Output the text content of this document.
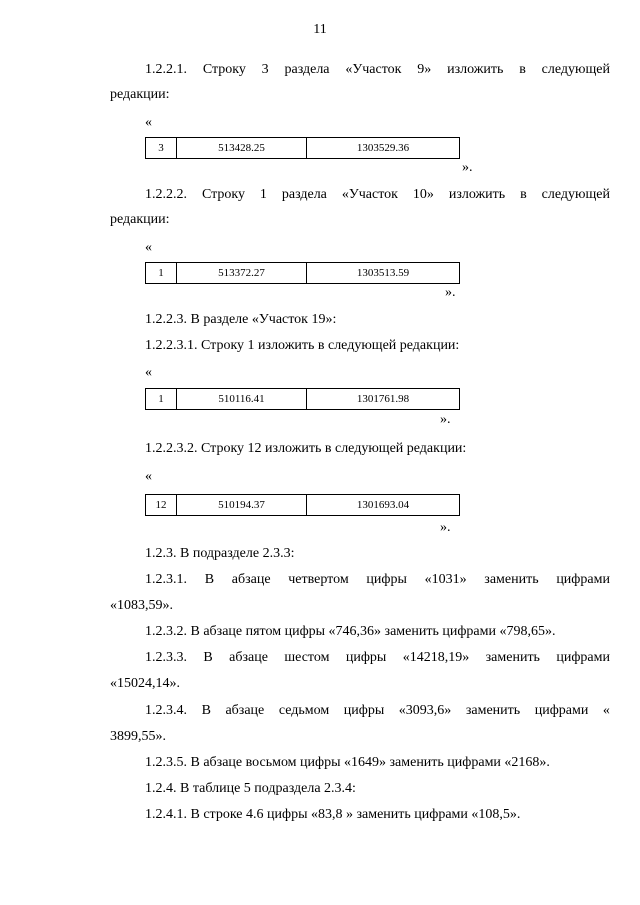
11
1.2.2.1. Строку 3 раздела «Участок 9» изложить в следующей
редакции:
«
3	513428.25	1303529.36
».
1.2.2.2. Строку 1 раздела «Участок 10» изложить в следующей
редакции:
«
1	513372.27	1303513.59
».
1.2.2.3. В разделе «Участок 19»:
1.2.2.3.1. Строку 1 изложить в следующей редакции:
«
1	510116.41	1301761.98
».
1.2.2.3.2. Строку 12 изложить в следующей редакции:
«
12	510194.37	1301693.04
».
1.2.3. В подразделе 2.3.3:
1.2.3.1. В абзаце четвертом цифры «1031» заменить цифрами
«1083,59».
1.2.3.2. В абзаце пятом цифры «746,36» заменить цифрами «798,65».
1.2.3.3. В абзаце шестом цифры «14218,19» заменить цифрами
«15024,14».
1.2.3.4. В абзаце седьмом цифры «3093,6» заменить цифрами «
3899,55».
1.2.3.5. В абзаце восьмом цифры «1649» заменить цифрами «2168».
1.2.4. В таблице 5 подраздела 2.3.4:
1.2.4.1. В строке 4.6 цифры «83,8 » заменить цифрами «108,5».
